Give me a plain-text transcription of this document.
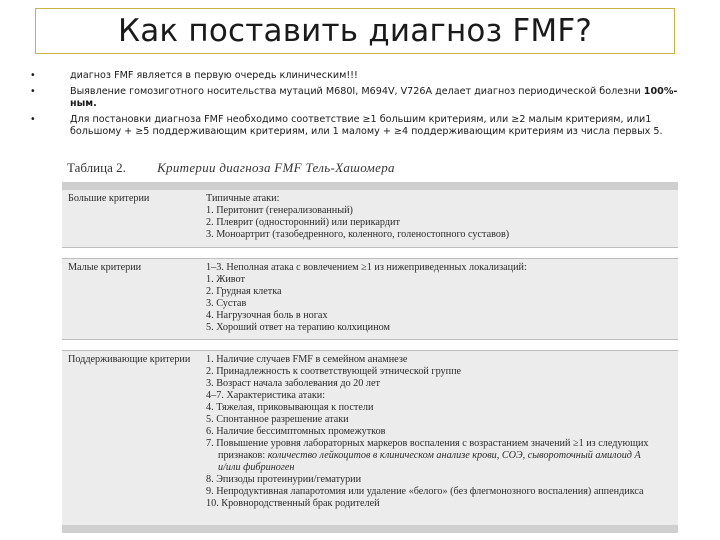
Как поставить диагноз FMF?
•	диагноз FMF является в первую очередь клиническим!!!
•	Выявление гомозиготного носительства мутаций M680I, M694V, V726A делает диагноз периодической болезни 100%-ным.
•	Для постановки диагноза FMF необходимо соответствие ≥1 большим критериям, или ≥2 малым критериям, или1 большому + ≥5 поддерживающим критериям, или 1 малому + ≥4 поддерживающим критериям из числа первых 5.
Таблица 2. Критерии диагноза FMF Тель-Хашомера
Большие критерии	Типичные атаки:
1. Перитонит (генерализованный)
2. Плеврит (односторонний) или перикардит
3. Моноартрит (тазобедренного, коленного, голеностопного суставов)
Малые критерии	1–3. Неполная атака с вовлечением ≥1 из нижеприведенных локализаций:
1. Живот
2. Грудная клетка
3. Сустав
4. Нагрузочная боль в ногах
5. Хороший ответ на терапию колхицином
Поддерживающие критерии	1. Наличие случаев FMF в семейном анамнезе
2. Принадлежность к соответствующей этнической группе
3. Возраст начала заболевания до 20 лет
4–7. Характеристика атаки:
4. Тяжелая, приковывающая к постели
5. Спонтанное разрешение атаки
6. Наличие бессимптомных промежутков
7. Повышение уровня лабораторных маркеров воспаления с возрастанием значений ≥1 из следующих
признаков: количество лейкоцитов в клиническом анализе крови, СОЭ, сывороточный амилоид А
и/или фибриноген
8. Эпизоды протеинурии/гематурии
9. Непродуктивная лапаротомия или удаление «белого» (без флегмонозного воспаления) аппендикса
10. Кровнородственный брак родителей
